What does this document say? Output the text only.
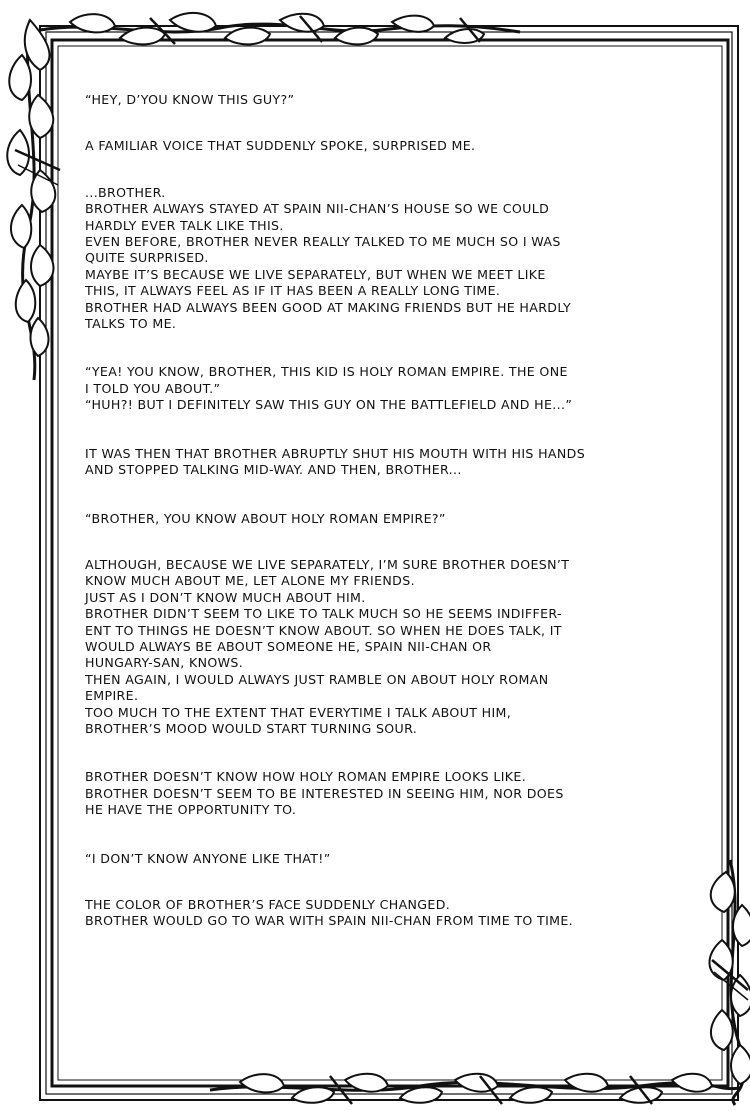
“HEY, D’YOU KNOW THIS GUY?”
A FAMILIAR VOICE THAT SUDDENLY SPOKE, SURPRISED ME.
...BROTHER.
BROTHER ALWAYS STAYED AT SPAIN NII-CHAN’S HOUSE SO WE COULD
HARDLY EVER TALK LIKE THIS.
EVEN BEFORE, BROTHER NEVER REALLY TALKED TO ME MUCH SO I WAS
QUITE SURPRISED.
MAYBE IT’S BECAUSE WE LIVE SEPARATELY, BUT WHEN WE MEET LIKE
THIS, IT ALWAYS FEEL AS IF IT HAS BEEN A REALLY LONG TIME.
BROTHER HAD ALWAYS BEEN GOOD AT MAKING FRIENDS BUT HE HARDLY
TALKS TO ME.
“YEA! YOU KNOW, BROTHER, THIS KID IS HOLY ROMAN EMPIRE. THE ONE
I TOLD YOU ABOUT.”
“HUH?! BUT I DEFINITELY SAW THIS GUY ON THE BATTLEFIELD AND HE...”
IT WAS THEN THAT BROTHER ABRUPTLY SHUT HIS MOUTH WITH HIS HANDS
AND STOPPED TALKING MID-WAY. AND THEN, BROTHER...
“BROTHER, YOU KNOW ABOUT HOLY ROMAN EMPIRE?”
ALTHOUGH, BECAUSE WE LIVE SEPARATELY, I’M SURE BROTHER DOESN’T
KNOW MUCH ABOUT ME, LET ALONE MY FRIENDS.
JUST AS I DON’T KNOW MUCH ABOUT HIM.
BROTHER DIDN’T SEEM TO LIKE TO TALK MUCH SO HE SEEMS INDIFFER-
ENT TO THINGS HE DOESN’T KNOW ABOUT. SO WHEN HE DOES TALK, IT
WOULD ALWAYS BE ABOUT SOMEONE HE, SPAIN NII-CHAN OR
HUNGARY-SAN, KNOWS.
THEN AGAIN, I WOULD ALWAYS JUST RAMBLE ON ABOUT HOLY ROMAN
EMPIRE.
TOO MUCH TO THE EXTENT THAT EVERYTIME I TALK ABOUT HIM,
BROTHER’S MOOD WOULD START TURNING SOUR.
BROTHER DOESN’T KNOW HOW HOLY ROMAN EMPIRE LOOKS LIKE.
BROTHER DOESN’T SEEM TO BE INTERESTED IN SEEING HIM, NOR DOES
HE HAVE THE OPPORTUNITY TO.
“I DON’T KNOW ANYONE LIKE THAT!”
THE COLOR OF BROTHER’S FACE SUDDENLY CHANGED.
BROTHER WOULD GO TO WAR WITH SPAIN NII-CHAN FROM TIME TO TIME.
